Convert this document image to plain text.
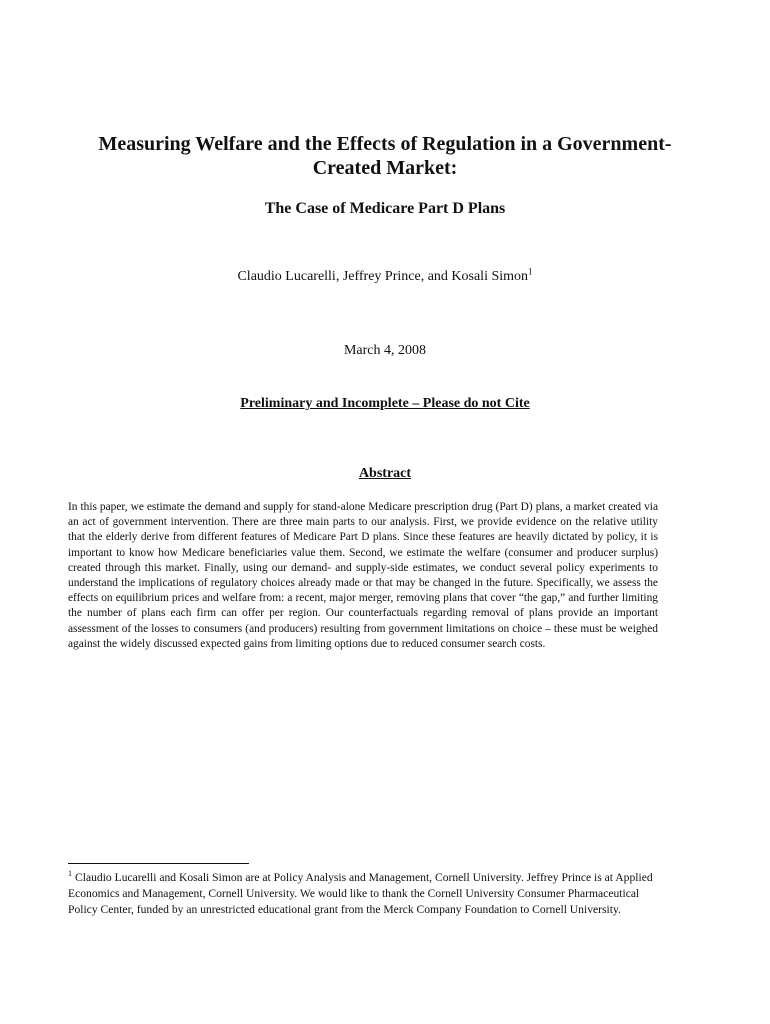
Measuring Welfare and the Effects of Regulation in a Government-
Created Market:
The Case of Medicare Part D Plans
Claudio Lucarelli, Jeffrey Prince, and Kosali Simon$^1$
March 4, 2008
Preliminary and Incomplete – Please do not Cite
Abstract

In this paper, we estimate the demand and supply for stand-alone Medicare prescription drug (Part D) plans, a market created via an act of government intervention. There are three main parts to our analysis. First, we provide evidence on the relative utility that the elderly derive from different features of Medicare Part D plans. Since these features are heavily dictated by policy, it is important to know how Medicare beneficiaries value them. Second, we estimate the welfare (consumer and producer surplus) created through this market. Finally, using our demand- and supply-side estimates, we conduct several policy experiments to understand the implications of regulatory choices already made or that may be changed in the future. Specifically, we assess the effects on equilibrium prices and welfare from: a recent, major merger, removing plans that cover “the gap,” and further limiting the number of plans each firm can offer per region. Our counterfactuals regarding removal of plans provide an important assessment of the losses to consumers (and producers) resulting from government limitations on choice – these must be weighed against the widely discussed expected gains from limiting options due to reduced consumer search costs.

$^1$ Claudio Lucarelli and Kosali Simon are at Policy Analysis and Management, Cornell University. Jeffrey Prince is at Applied Economics and Management, Cornell University. We would like to thank the Cornell University Consumer Pharmaceutical Policy Center, funded by an unrestricted educational grant from the Merck Company Foundation to Cornell University.
